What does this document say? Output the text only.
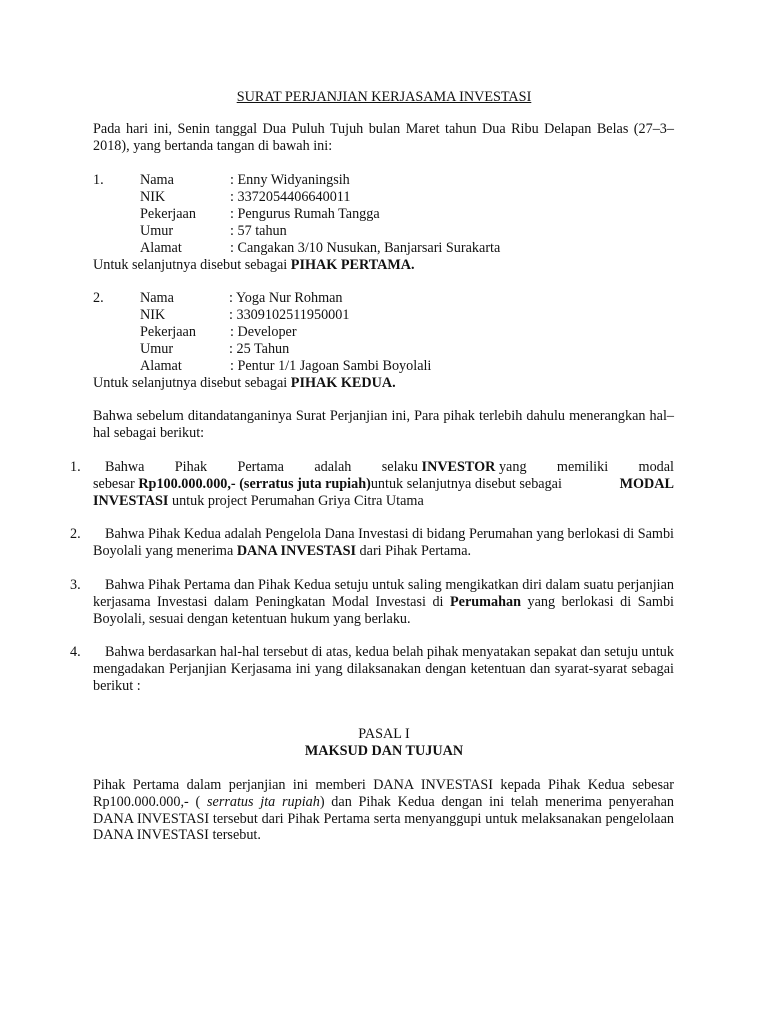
SURAT PERJANJIAN KERJASAMA INVESTASI
Pada hari ini, Senin tanggal Dua Puluh Tujuh bulan Maret tahun Dua Ribu Delapan Belas (27–3–2018), yang bertanda tangan di bawah ini:
1.	Nama	: Enny Widyaningsih
NIK	: 3372054406640011
Pekerjaan : Pengurus Rumah Tangga
Umur	: 57 tahun
Alamat	: Cangakan 3/10 Nusukan, Banjarsari Surakarta
Untuk selanjutnya disebut sebagai PIHAK PERTAMA.
2.	Nama	: Yoga Nur Rohman
NIK	: 3309102511950001
Pekerjaan : Developer
Umur	: 25 Tahun
Alamat	: Pentur 1/1 Jagoan Sambi Boyolali
Untuk selanjutnya disebut sebagai PIHAK KEDUA.
Bahwa sebelum ditandatanganinya Surat Perjanjian ini, Para pihak terlebih dahulu menerangkan hal–hal sebagai berikut:
1.	Bahwa Pihak Pertama adalah selaku INVESTOR yang memiliki modal
sebesar Rp100.000.000,- (serratus juta rupiah)untuk selanjutnya disebut sebagai	MODAL
INVESTASI untuk project Perumahan Griya Citra Utama
2.	Bahwa Pihak Kedua adalah Pengelola Dana Investasi di bidang Perumahan yang berlokasi di Sambi Boyolali yang menerima DANA INVESTASI dari Pihak Pertama.
3.	Bahwa Pihak Pertama dan Pihak Kedua setuju untuk saling mengikatkan diri dalam suatu perjanjian kerjasama Investasi dalam Peningkatan Modal Investasi di Perumahan yang berlokasi di Sambi Boyolali, sesuai dengan ketentuan hukum yang berlaku.
4.	Bahwa berdasarkan hal-hal tersebut di atas, kedua belah pihak menyatakan sepakat dan setuju untuk mengadakan Perjanjian Kerjasama ini yang dilaksanakan dengan ketentuan dan syarat-syarat sebagai berikut :
PASAL I
MAKSUD DAN TUJUAN
Pihak Pertama dalam perjanjian ini memberi DANA INVESTASI kepada Pihak Kedua sebesar Rp100.000.000,- ( serratus jta rupiah) dan Pihak Kedua dengan ini telah menerima penyerahan DANA INVESTASI tersebut dari Pihak Pertama serta menyanggupi untuk melaksanakan pengelolaan DANA INVESTASI tersebut.
